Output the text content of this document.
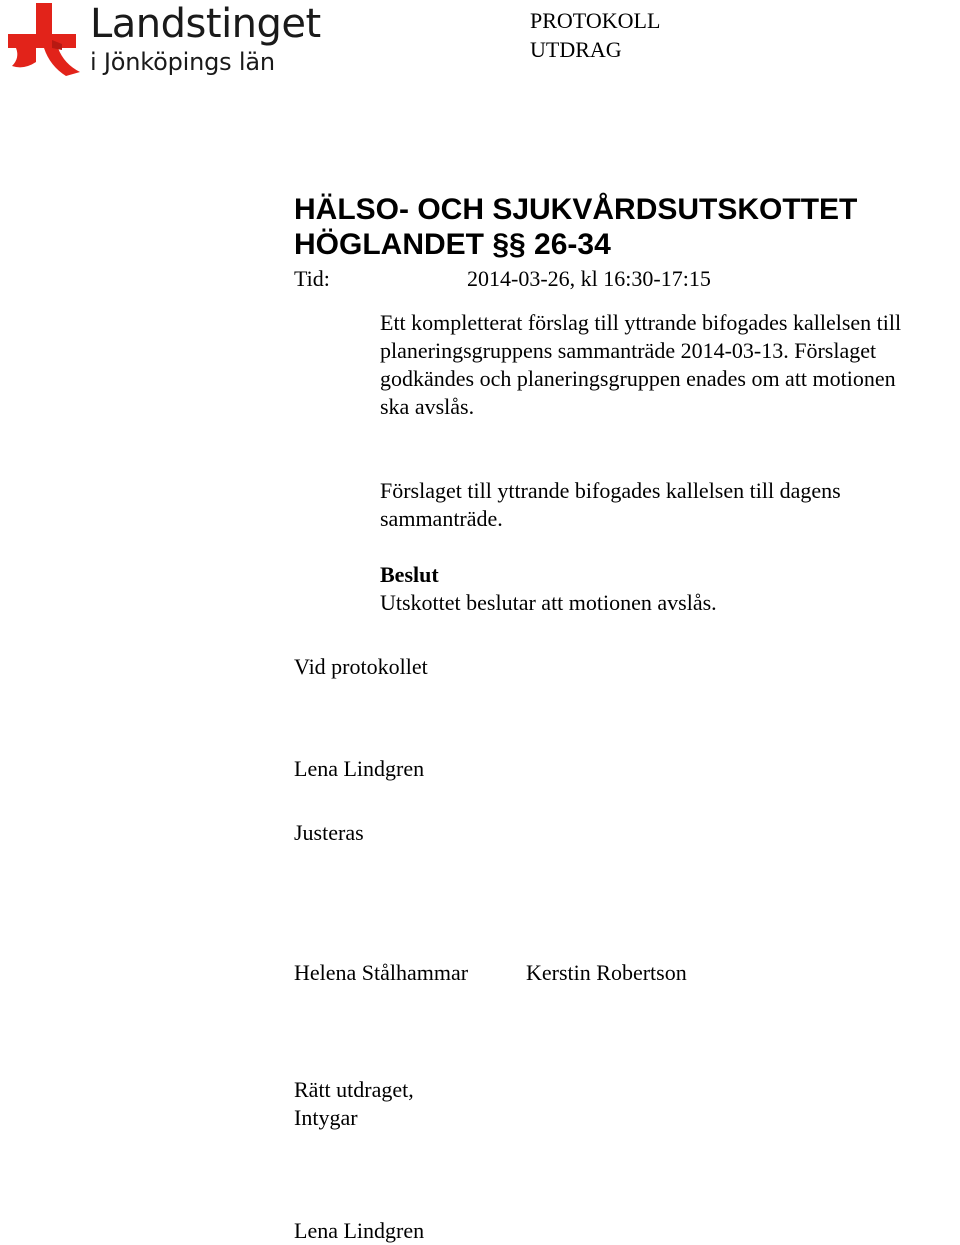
Landstinget
i Jönköpings län
PROTOKOLL
UTDRAG
HÄLSO- OCH SJUKVÅRDSUTSKOTTET
HÖGLANDET §§ 26-34
Tid:	2014-03-26, kl 16:30-17:15
Ett kompletterat förslag till yttrande bifogades kallelsen till
planeringsgruppens sammanträde 2014-03-13. Förslaget
godkändes och planeringsgruppen enades om att motionen
ska avslås.
Förslaget till yttrande bifogades kallelsen till dagens
sammanträde.
Beslut
Utskottet beslutar att motionen avslås.
Vid protokollet
Lena Lindgren
Justeras
Helena Stålhammar	Kerstin Robertson
Rätt utdraget,
Intygar
Lena Lindgren
